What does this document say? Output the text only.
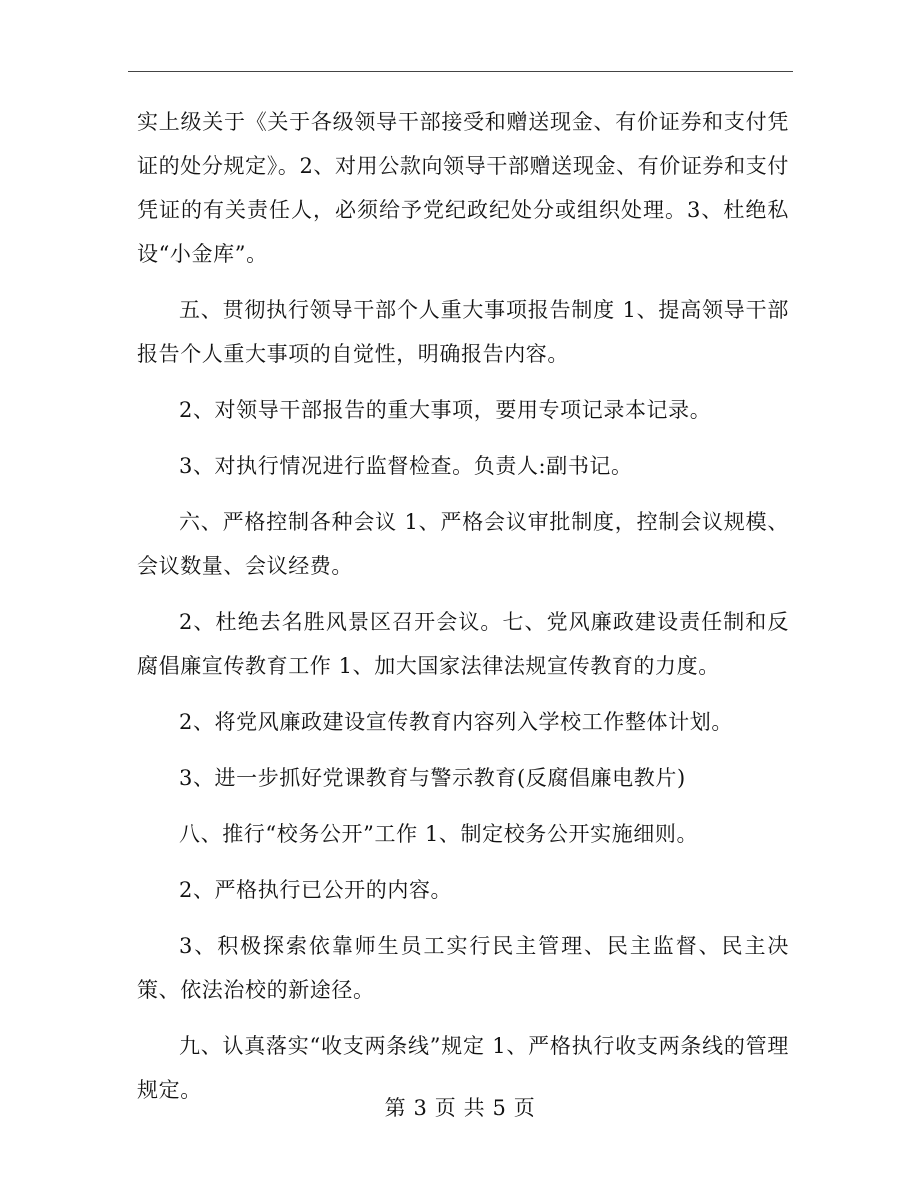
实上级关于《关于各级领导干部接受和赠送现金、有价证券和支付凭证的处分规定》。2、对用公款向领导干部赠送现金、有价证券和支付凭证的有关责任人，必须给予党纪政纪处分或组织处理。3、杜绝私设“小金库”。

五、贯彻执行领导干部个人重大事项报告制度 1、提高领导干部报告个人重大事项的自觉性，明确报告内容。

2、对领导干部报告的重大事项，要用专项记录本记录。

3、对执行情况进行监督检查。负责人:副书记。

六、严格控制各种会议 1、严格会议审批制度，控制会议规模、会议数量、会议经费。

2、杜绝去名胜风景区召开会议。七、党风廉政建设责任制和反腐倡廉宣传教育工作 1、加大国家法律法规宣传教育的力度。

2、将党风廉政建设宣传教育内容列入学校工作整体计划。

3、进一步抓好党课教育与警示教育(反腐倡廉电教片)

八、推行“校务公开”工作 1、制定校务公开实施细则。

2、严格执行已公开的内容。

3、积极探索依靠师生员工实行民主管理、民主监督、民主决策、依法治校的新途径。

九、认真落实“收支两条线”规定 1、严格执行收支两条线的管理规定。

第 3 页 共 5 页
